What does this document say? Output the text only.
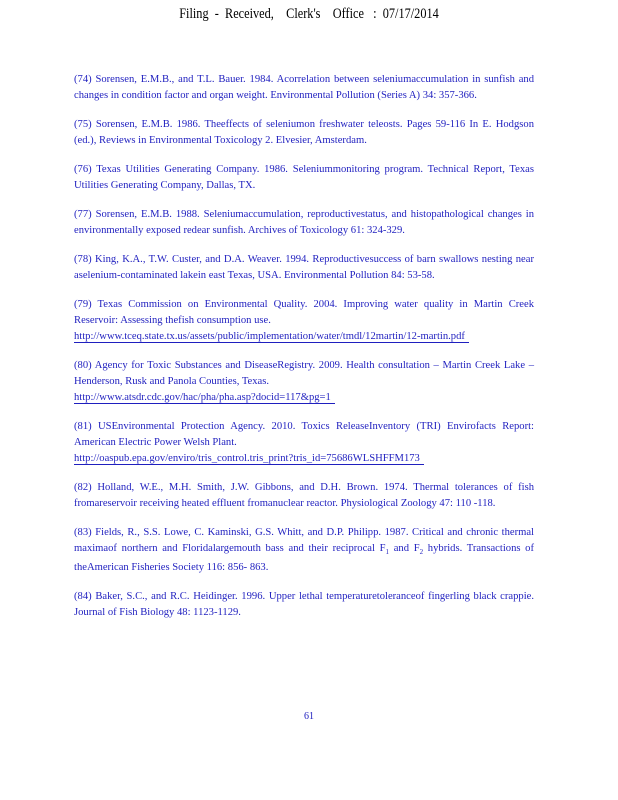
Filing  -  Received,    Clerk's    Office   :  07/17/2014

(74) Sorensen, E.M.B., and T.L. Bauer. 1984. Acorrelation between seleniumaccumulation in sunfish and changes in condition factor and organ weight. Environmental Pollution (Series A) 34: 357-366.

(75) Sorensen, E.M.B. 1986. Theeffects of seleniumon freshwater teleosts. Pages 59-116 In E. Hodgson (ed.), Reviews in Environmental Toxicology 2. Elvesier, Amsterdam.

(76) Texas Utilities Generating Company. 1986. Seleniummonitoring program. Technical Report, Texas Utilities Generating Company, Dallas, TX.

(77) Sorensen, E.M.B. 1988. Seleniumaccumulation, reproductivestatus, and histopathological changes in environmentally exposed redear sunfish. Archives of Toxicology 61: 324-329.

(78) King, K.A., T.W. Custer, and D.A. Weaver. 1994. Reproductivesuccess of barn swallows nesting near aselenium-contaminated lakein east Texas, USA. Environmental Pollution 84: 53-58.

(79) Texas Commission on Environmental Quality. 2004. Improving water quality in Martin Creek Reservoir: Assessing thefish consumption use.
http://www.tceq.state.tx.us/assets/public/implementation/water/tmdl/12martin/12-martin.pdf
(80) Agency for Toxic Substances and DiseaseRegistry. 2009. Health consultation – Martin Creek Lake – Henderson, Rusk and Panola Counties, Texas.
http://www.atsdr.cdc.gov/hac/pha/pha.asp?docid=117&pg=1
(81) USEnvironmental Protection Agency. 2010. Toxics ReleaseInventory (TRI) Envirofacts Report: American Electric Power Welsh Plant.
http://oaspub.epa.gov/enviro/tris_control.tris_print?tris_id=75686WLSHFFM173

(82) Holland, W.E., M.H. Smith, J.W. Gibbons, and D.H. Brown. 1974. Thermal tolerances of fish fromareservoir receiving heated effluent fromanuclear reactor. Physiological Zoology 47: 110 -118.

(83) Fields, R., S.S. Lowe, C. Kaminski, G.S. Whitt, and D.P. Philipp. 1987. Critical and chronic thermal maximaof northern and Floridalargemouth bass and their reciprocal $F_1$ and $F_2$ hybrids. Transactions of theAmerican Fisheries Society 116: 856- 863.

(84) Baker, S.C., and R.C. Heidinger. 1996. Upper lethal temperaturetoleranceof fingerling black crappie. Journal of Fish Biology 48: 1123-1129.

61
